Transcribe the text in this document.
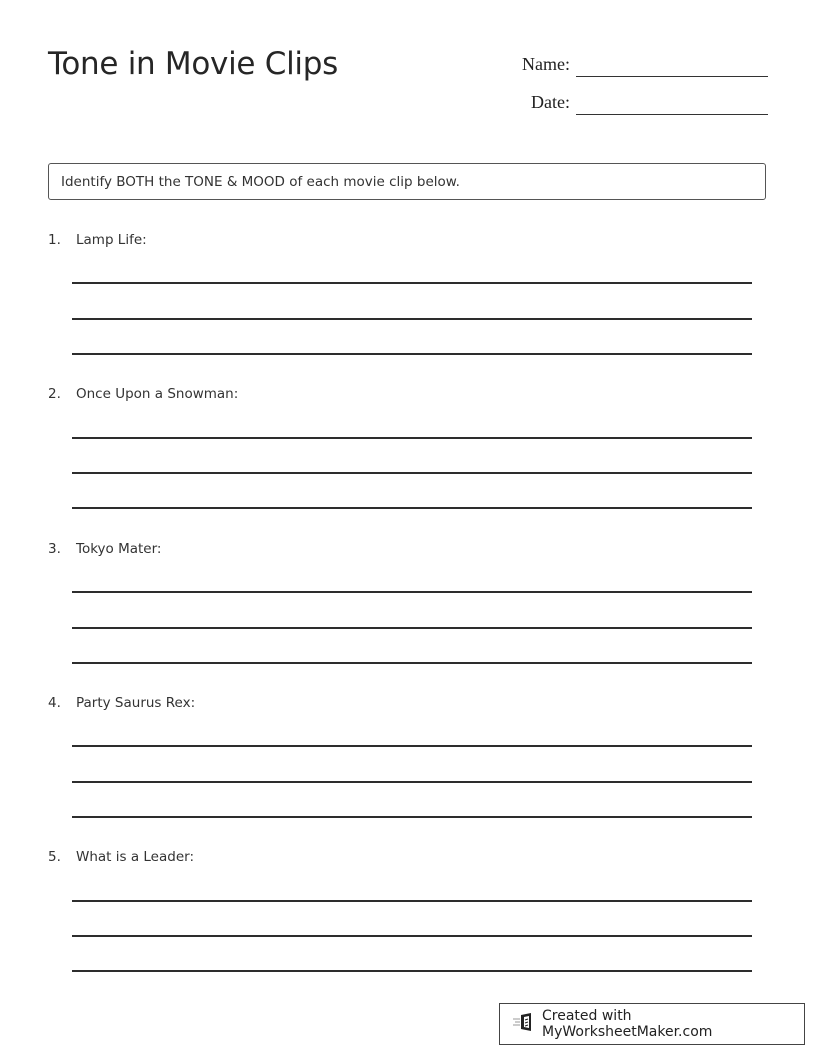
Tone in Movie Clips	Name:
Date:
Identify BOTH the TONE & MOOD of each movie clip below.
1. Lamp Life:
2. Once Upon a Snowman:
3. Tokyo Mater:
4. Party Saurus Rex:
5. What is a Leader:
Created with MyWorksheetMaker.com
